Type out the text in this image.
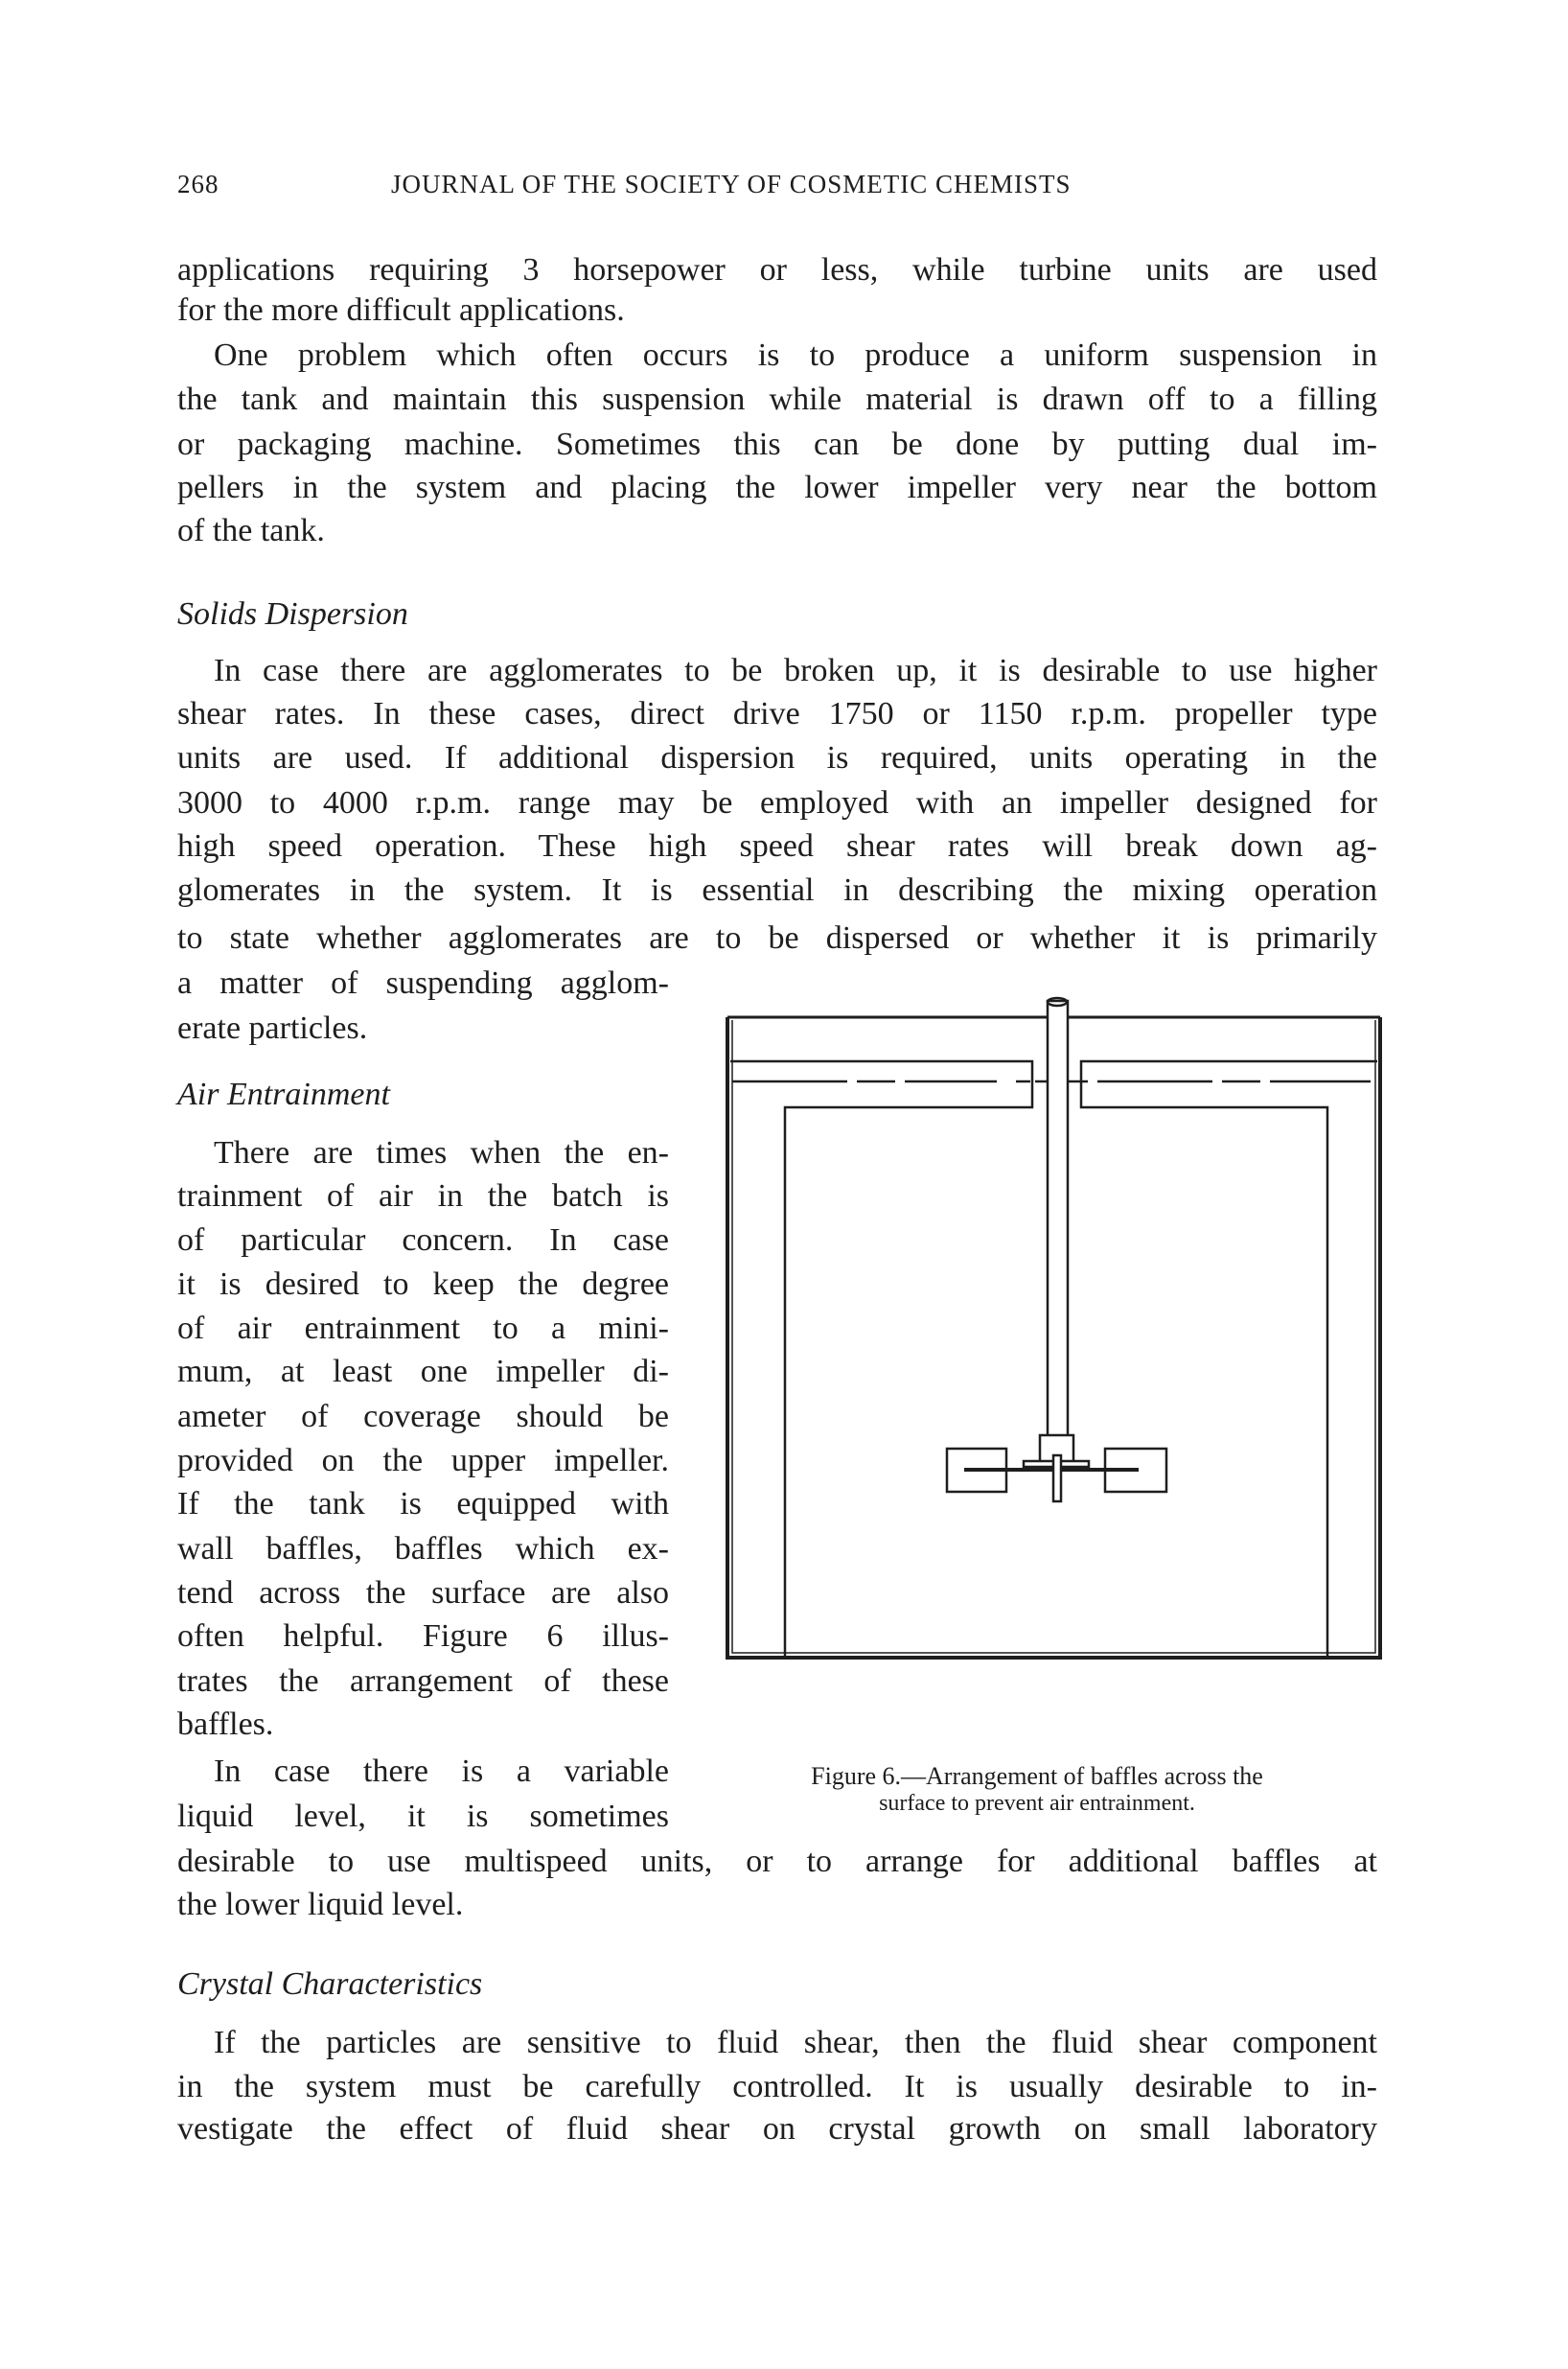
268	JOURNAL OF THE SOCIETY OF COSMETIC CHEMISTS
Figure 6.—Arrangement of baffles across the
surface to prevent air entrainment.
applications requiring 3 horsepower or less, while turbine units are used
for the more difficult applications.
One problem which often occurs is to produce a uniform suspension in
the tank and maintain this suspension while material is drawn off to a filling
or packaging machine. Sometimes this can be done by putting dual im-
pellers in the system and placing the lower impeller very near the bottom
of the tank.
Solids Dispersion
In case there are agglomerates to be broken up, it is desirable to use higher
shear rates. In these cases, direct drive 1750 or 1150 r.p.m. propeller type
units are used. If additional dispersion is required, units operating in the
3000 to 4000 r.p.m. range may be employed with an impeller designed for
high speed operation. These high speed shear rates will break down ag-
glomerates in the system. It is essential in describing the mixing operation
to state whether agglomerates are to be dispersed or whether it is primarily
a matter of suspending agglom-
erate particles.
Air Entrainment
There are times when the en-
trainment of air in the batch is
of particular concern. In case
it is desired to keep the degree
of air entrainment to a mini-
mum, at least one impeller di-
ameter of coverage should be
provided on the upper impeller.
If the tank is equipped with
wall baffles, baffles which ex-
tend across the surface are also
often helpful. Figure 6 illus-
trates the arrangement of these
baffles.
In case there is a variable
liquid level, it is sometimes
desirable to use multispeed units, or to arrange for additional baffles at
the lower liquid level.
Crystal Characteristics
If the particles are sensitive to fluid shear, then the fluid shear component
in the system must be carefully controlled. It is usually desirable to in-
vestigate the effect of fluid shear on crystal growth on small laboratory
